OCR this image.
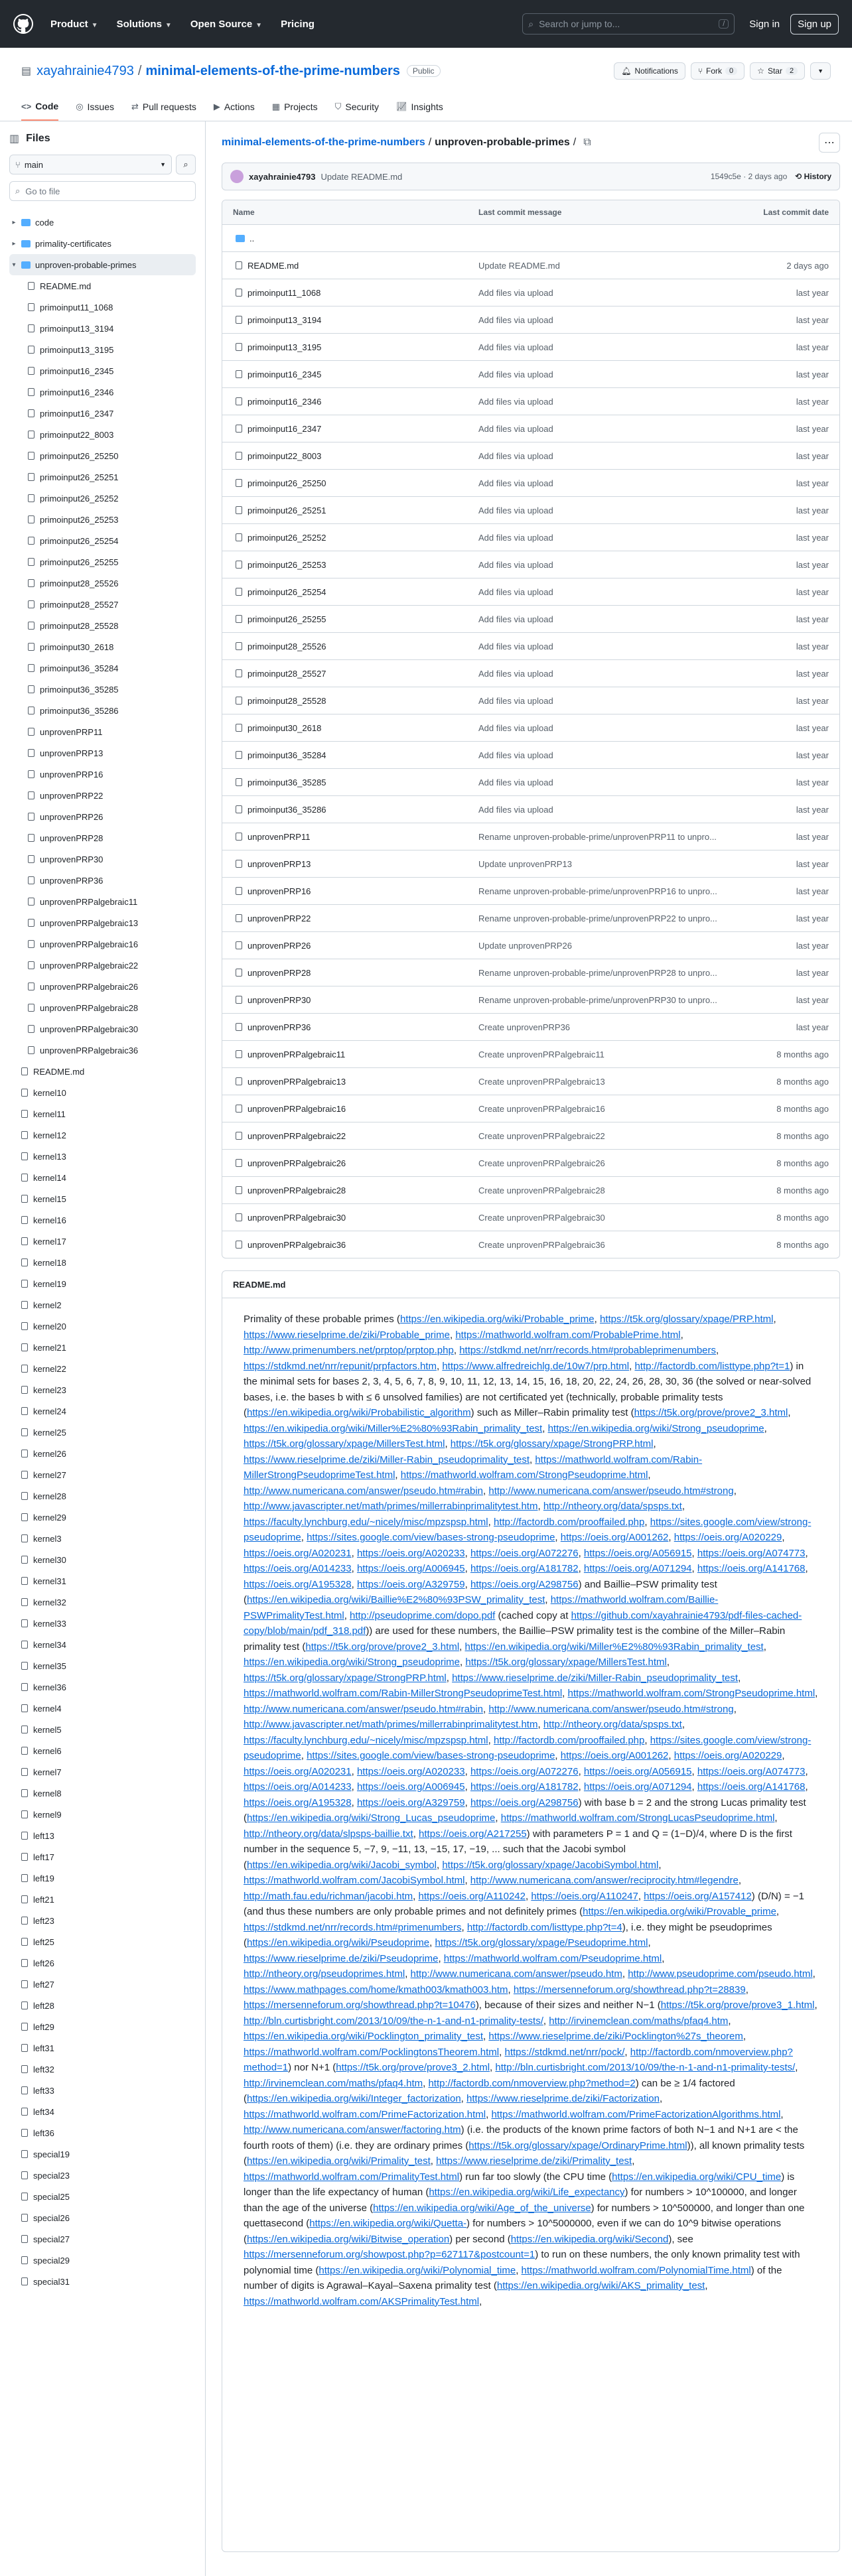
Product ▼ Solutions ▼ Open Source ▼ Pricing	⌕ Search or jump to...	/	Sign in	Sign up
▤ xayahrainie4793 / minimal-elements-of-the-prime-numbers	Public	🔔︎ Notifications	⑂ Fork	0	☆ Star	2	▼
<> Code ◎ Issues ⇄ Pull requests ▶ Actions ▦ Projects ⛉ Security 📈︎ Insights
▥ Files
⑂ main	▼ ⌕
⌕ Go to file
▸	code
▸	primality-certificates
▾	unproven-probable-primes
README.md
primoinput11_1068
primoinput13_3194
primoinput13_3195
primoinput16_2345
primoinput16_2346
primoinput16_2347
primoinput22_8003
primoinput26_25250
primoinput26_25251
primoinput26_25252
primoinput26_25253
primoinput26_25254
primoinput26_25255
primoinput28_25526
primoinput28_25527
primoinput28_25528
primoinput30_2618
primoinput36_35284
primoinput36_35285
primoinput36_35286
unprovenPRP11
unprovenPRP13
unprovenPRP16
unprovenPRP22
unprovenPRP26
unprovenPRP28
unprovenPRP30
unprovenPRP36
unprovenPRPalgebraic11
unprovenPRPalgebraic13
unprovenPRPalgebraic16
unprovenPRPalgebraic22
unprovenPRPalgebraic26
unprovenPRPalgebraic28
unprovenPRPalgebraic30
unprovenPRPalgebraic36
README.md
kernel10
kernel11
kernel12
kernel13
kernel14
kernel15
kernel16
kernel17
kernel18
kernel19
kernel2
kernel20
kernel21
kernel22
kernel23
kernel24
kernel25
kernel26
kernel27
kernel28
kernel29
kernel3
kernel30
kernel31
kernel32
kernel33
kernel34
kernel35
kernel36
kernel4
kernel5
kernel6
kernel7
kernel8
kernel9
left13
left17
left19
left21
left23
left25
left26
left27
left28
left29
left31
left32
left33
left34
left36
special19
special23
special25
special26
special27
special29
special31
minimal-elements-of-the-prime-numbers / unproven-probable-primes / ⧉	⋯
xayahrainie4793 Update README.md	1549c5e · 2 days ago ⟲ History
Name	Last commit message	Last commit date
..
README.md	Update README.md	2 days ago
primoinput11_1068	Add files via upload	last year
primoinput13_3194	Add files via upload	last year
primoinput13_3195	Add files via upload	last year
primoinput16_2345	Add files via upload	last year
primoinput16_2346	Add files via upload	last year
primoinput16_2347	Add files via upload	last year
primoinput22_8003	Add files via upload	last year
primoinput26_25250	Add files via upload	last year
primoinput26_25251	Add files via upload	last year
primoinput26_25252	Add files via upload	last year
primoinput26_25253	Add files via upload	last year
primoinput26_25254	Add files via upload	last year
primoinput26_25255	Add files via upload	last year
primoinput28_25526	Add files via upload	last year
primoinput28_25527	Add files via upload	last year
primoinput28_25528	Add files via upload	last year
primoinput30_2618	Add files via upload	last year
primoinput36_35284	Add files via upload	last year
primoinput36_35285	Add files via upload	last year
primoinput36_35286	Add files via upload	last year
unprovenPRP11	Rename unproven-probable-prime/unprovenPRP11 to unpro...	last year
unprovenPRP13	Update unprovenPRP13	last year
unprovenPRP16	Rename unproven-probable-prime/unprovenPRP16 to unpro...	last year
unprovenPRP22	Rename unproven-probable-prime/unprovenPRP22 to unpro...	last year
unprovenPRP26	Update unprovenPRP26	last year
unprovenPRP28	Rename unproven-probable-prime/unprovenPRP28 to unpro...	last year
unprovenPRP30	Rename unproven-probable-prime/unprovenPRP30 to unpro...	last year
unprovenPRP36	Create unprovenPRP36	last year
unprovenPRPalgebraic11	Create unprovenPRPalgebraic11	8 months ago
unprovenPRPalgebraic13	Create unprovenPRPalgebraic13	8 months ago
unprovenPRPalgebraic16	Create unprovenPRPalgebraic16	8 months ago
unprovenPRPalgebraic22	Create unprovenPRPalgebraic22	8 months ago
unprovenPRPalgebraic26	Create unprovenPRPalgebraic26	8 months ago
unprovenPRPalgebraic28	Create unprovenPRPalgebraic28	8 months ago
unprovenPRPalgebraic30	Create unprovenPRPalgebraic30	8 months ago
unprovenPRPalgebraic36	Create unprovenPRPalgebraic36	8 months ago
README.md
Primality of these probable primes (https://en.wikipedia.org/wiki/Probable_prime, https://t5k.org/glossary/xpage/PRP.html, https://www.rieselprime.de/ziki/Probable_prime, https://mathworld.wolfram.com/ProbablePrime.html, http://www.primenumbers.net/prptop/prptop.php, https://stdkmd.net/nrr/records.htm#probableprimenumbers, https://stdkmd.net/nrr/repunit/prpfactors.htm, https://www.alfredreichlg.de/10w7/prp.html, http://factordb.com/listtype.php?t=1) in the minimal sets for bases 2, 3, 4, 5, 6, 7, 8, 9, 10, 11, 12, 13, 14, 15, 16, 18, 20, 22, 24, 26, 28, 30, 36 (the solved or near-solved bases, i.e. the bases b with ≤ 6 unsolved families) are not certificated yet (technically, probable primality tests (https://en.wikipedia.org/wiki/Probabilistic_algorithm) such as Miller–Rabin primality test (https://t5k.org/prove/prove2_3.html, https://en.wikipedia.org/wiki/Miller%E2%80%93Rabin_primality_test, https://en.wikipedia.org/wiki/Strong_pseudoprime, https://t5k.org/glossary/xpage/MillersTest.html, https://t5k.org/glossary/xpage/StrongPRP.html, https://www.rieselprime.de/ziki/Miller-Rabin_pseudoprimality_test, https://mathworld.wolfram.com/Rabin-MillerStrongPseudoprimeTest.html, https://mathworld.wolfram.com/StrongPseudoprime.html, http://www.numericana.com/answer/pseudo.htm#rabin, http://www.numericana.com/answer/pseudo.htm#strong, http://www.javascripter.net/math/primes/millerrabinprimalitytest.htm, http://ntheory.org/data/spsps.txt, https://faculty.lynchburg.edu/~nicely/misc/mpzspsp.html, http://factordb.com/prooffailed.php, https://sites.google.com/view/strong-pseudoprime, https://sites.google.com/view/bases-strong-pseudoprime, https://oeis.org/A001262, https://oeis.org/A020229, https://oeis.org/A020231, https://oeis.org/A020233, https://oeis.org/A072276, https://oeis.org/A056915, https://oeis.org/A074773, https://oeis.org/A014233, https://oeis.org/A006945, https://oeis.org/A181782, https://oeis.org/A071294, https://oeis.org/A141768, https://oeis.org/A195328, https://oeis.org/A329759, https://oeis.org/A298756) and Baillie–PSW primality test (https://en.wikipedia.org/wiki/Baillie%E2%80%93PSW_primality_test, https://mathworld.wolfram.com/Baillie-PSWPrimalityTest.html, http://pseudoprime.com/dopo.pdf (cached copy at https://github.com/xayahrainie4793/pdf-files-cached-copy/blob/main/pdf_318.pdf)) are used for these numbers, the Baillie–PSW primality test is the combine of the Miller–Rabin primality test (https://t5k.org/prove/prove2_3.html, https://en.wikipedia.org/wiki/Miller%E2%80%93Rabin_primality_test, https://en.wikipedia.org/wiki/Strong_pseudoprime, https://t5k.org/glossary/xpage/MillersTest.html, https://t5k.org/glossary/xpage/StrongPRP.html, https://www.rieselprime.de/ziki/Miller-Rabin_pseudoprimality_test, https://mathworld.wolfram.com/Rabin-MillerStrongPseudoprimeTest.html, https://mathworld.wolfram.com/StrongPseudoprime.html, http://www.numericana.com/answer/pseudo.htm#rabin, http://www.numericana.com/answer/pseudo.htm#strong, http://www.javascripter.net/math/primes/millerrabinprimalitytest.htm, http://ntheory.org/data/spsps.txt, https://faculty.lynchburg.edu/~nicely/misc/mpzspsp.html, http://factordb.com/prooffailed.php, https://sites.google.com/view/strong-pseudoprime, https://sites.google.com/view/bases-strong-pseudoprime, https://oeis.org/A001262, https://oeis.org/A020229, https://oeis.org/A020231, https://oeis.org/A020233, https://oeis.org/A072276, https://oeis.org/A056915, https://oeis.org/A074773, https://oeis.org/A014233, https://oeis.org/A006945, https://oeis.org/A181782, https://oeis.org/A071294, https://oeis.org/A141768, https://oeis.org/A195328, https://oeis.org/A329759, https://oeis.org/A298756) with base b = 2 and the strong Lucas primality test (https://en.wikipedia.org/wiki/Strong_Lucas_pseudoprime, https://mathworld.wolfram.com/StrongLucasPseudoprime.html, http://ntheory.org/data/slpsps-baillie.txt, https://oeis.org/A217255) with parameters P = 1 and Q = (1−D)/4, where D is the first number in the sequence 5, −7, 9, −11, 13, −15, 17, −19, ... such that the Jacobi symbol (https://en.wikipedia.org/wiki/Jacobi_symbol, https://t5k.org/glossary/xpage/JacobiSymbol.html, https://mathworld.wolfram.com/JacobiSymbol.html, http://www.numericana.com/answer/reciprocity.htm#legendre, http://math.fau.edu/richman/jacobi.htm, https://oeis.org/A110242, https://oeis.org/A110247, https://oeis.org/A157412) (D/N) = −1 (and thus these numbers are only probable primes and not definitely primes (https://en.wikipedia.org/wiki/Provable_prime, https://stdkmd.net/nrr/records.htm#primenumbers, http://factordb.com/listtype.php?t=4), i.e. they might be pseudoprimes (https://en.wikipedia.org/wiki/Pseudoprime, https://t5k.org/glossary/xpage/Pseudoprime.html, https://www.rieselprime.de/ziki/Pseudoprime, https://mathworld.wolfram.com/Pseudoprime.html, http://ntheory.org/pseudoprimes.html, http://www.numericana.com/answer/pseudo.htm, http://www.pseudoprime.com/pseudo.html, https://www.mathpages.com/home/kmath003/kmath003.htm, https://mersenneforum.org/showthread.php?t=28839, https://mersenneforum.org/showthread.php?t=10476), because of their sizes and neither N−1 (https://t5k.org/prove/prove3_1.html, http://bln.curtisbright.com/2013/10/09/the-n-1-and-n1-primality-tests/, http://irvinemclean.com/maths/pfaq4.htm, https://en.wikipedia.org/wiki/Pocklington_primality_test, https://www.rieselprime.de/ziki/Pocklington%27s_theorem, https://mathworld.wolfram.com/PocklingtonsTheorem.html, https://stdkmd.net/nrr/pock/, http://factordb.com/nmoverview.php?method=1) nor N+1 (https://t5k.org/prove/prove3_2.html, http://bln.curtisbright.com/2013/10/09/the-n-1-and-n1-primality-tests/, http://irvinemclean.com/maths/pfaq4.htm, http://factordb.com/nmoverview.php?method=2) can be ≥ 1/4 factored (https://en.wikipedia.org/wiki/Integer_factorization, https://www.rieselprime.de/ziki/Factorization, https://mathworld.wolfram.com/PrimeFactorization.html, https://mathworld.wolfram.com/PrimeFactorizationAlgorithms.html, http://www.numericana.com/answer/factoring.htm) (i.e. the products of the known prime factors of both N−1 and N+1 are < the fourth roots of them) (i.e. they are ordinary primes (https://t5k.org/glossary/xpage/OrdinaryPrime.html)), all known primality tests (https://en.wikipedia.org/wiki/Primality_test, https://www.rieselprime.de/ziki/Primality_test, https://mathworld.wolfram.com/PrimalityTest.html) run far too slowly (the CPU time (https://en.wikipedia.org/wiki/CPU_time) is longer than the life expectancy of human (https://en.wikipedia.org/wiki/Life_expectancy) for numbers > 10^100000, and longer than the age of the universe (https://en.wikipedia.org/wiki/Age_of_the_universe) for numbers > 10^500000, and longer than one quettasecond (https://en.wikipedia.org/wiki/Quetta-) for numbers > 10^5000000, even if we can do 10^9 bitwise operations (https://en.wikipedia.org/wiki/Bitwise_operation) per second (https://en.wikipedia.org/wiki/Second), see https://mersenneforum.org/showpost.php?p=627117&postcount=1) to run on these numbers, the only known primality test with polynomial time (https://en.wikipedia.org/wiki/Polynomial_time, https://mathworld.wolfram.com/PolynomialTime.html) of the number of digits is Agrawal–Kayal–Saxena primality test (https://en.wikipedia.org/wiki/AKS_primality_test, https://mathworld.wolfram.com/AKSPrimalityTest.html,
